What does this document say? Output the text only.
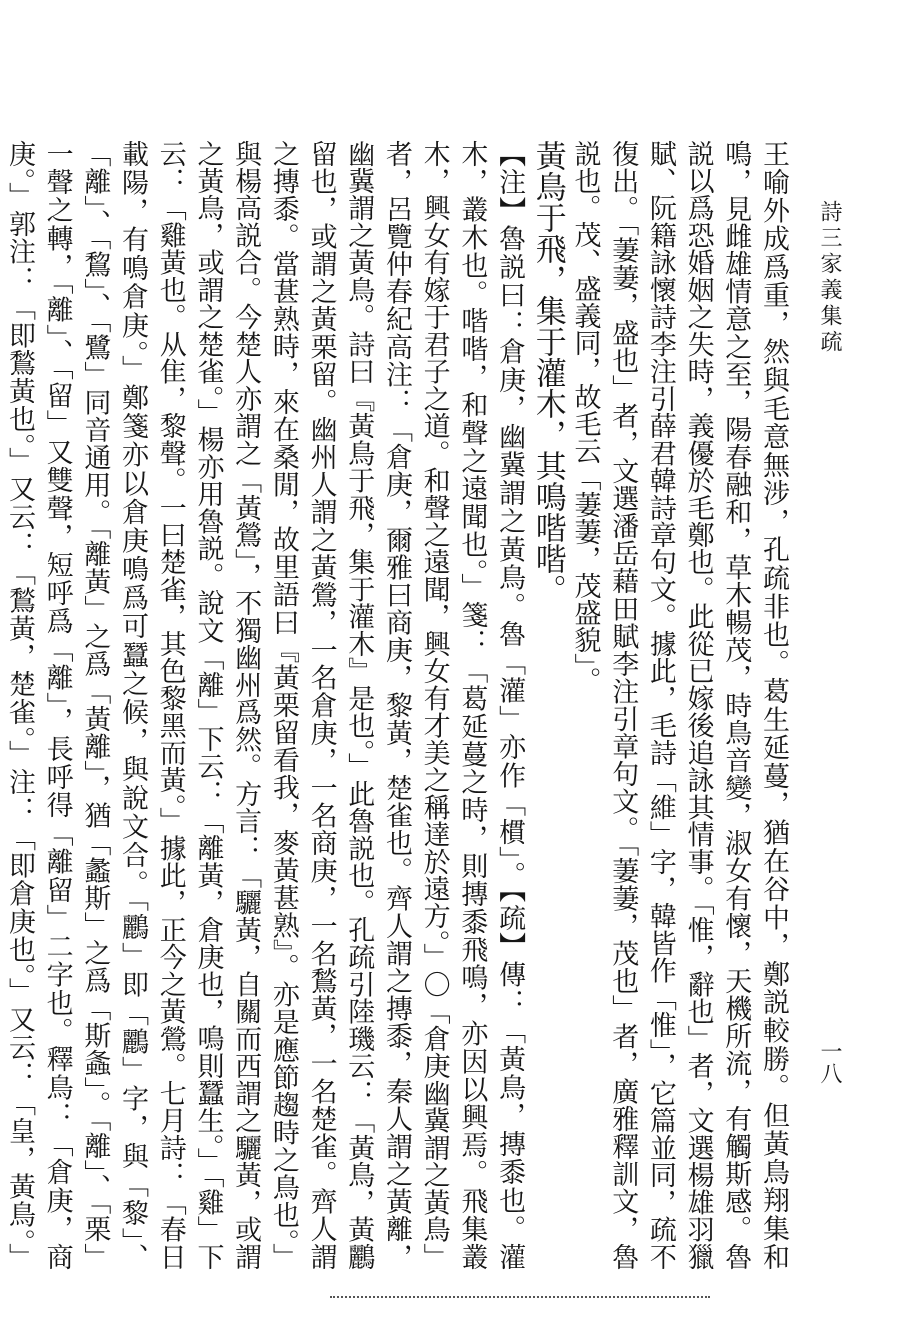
詩三家義集疏
一八

王喻外成爲重，然與毛意無涉，孔疏非也。葛生延蔓，猶在谷中，鄭説較勝。但黃鳥翔集和鳴，見雌雄情意之至，陽春融和，草木暢茂，時鳥音變，淑女有懷，天機所流，有觸斯感。魯説以爲恐婚姻之失時，義優於毛鄭也。此從已嫁後追詠其情事。「惟，辭也」者，文選楊雄羽獵賦、阮籍詠懷詩李注引薛君韓詩章句文。據此，毛詩「維」字，韓皆作「惟」，它篇並同，疏不復出。「萋萋，盛也」者，文選潘岳藉田賦李注引章句文。「萋萋，茂也」者，廣雅釋訓文，魯説也。茂、盛義同，故毛云「萋萋，茂盛貌」。

黃鳥于飛，集于灌木，其鳴喈喈。

【注】魯説曰：倉庚，幽冀謂之黃鳥。魯「灌」亦作「樌」。【疏】傳：「黃鳥，摶黍也。灌木，叢木也。喈喈，和聲之遠聞也。」箋：「葛延蔓之時，則摶黍飛鳴，亦因以興焉。飛集叢木，興女有嫁于君子之道。和聲之遠聞，興女有才美之稱達於遠方。」〇「倉庚幽冀謂之黃鳥」者，呂覽仲春紀高注：「倉庚，爾雅曰商庚，黎黃，楚雀也。齊人謂之摶黍，秦人謂之黃離，幽冀謂之黃鳥。詩曰『黃鳥于飛，集于灌木』是也。」此魯説也。孔疏引陸璣云：「黃鳥，黃鸝留也，或謂之黃栗留。幽州人謂之黃鶯，一名倉庚，一名商庚，一名鶖黃，一名楚雀。齊人謂之摶黍。當葚熟時，來在桑閒，故里語曰『黃栗留看我，麥黃葚熟』。亦是應節趨時之鳥也。」與楊高説合。今楚人亦謂之「黃鶯」，不獨幽州爲然。方言：「驪黃，自關而西謂之驪黃，或謂之黃鳥，或謂之楚雀。」楊亦用魯説。說文「離」下云：「離黃，倉庚也，鳴則蠶生。」「雞」下云：「雞黃也。从隹，黎聲。一曰楚雀，其色黎黑而黃。」據此，正今之黃鶯。七月詩：「春日載陽，有鳴倉庚。」鄭箋亦以倉庚鳴爲可蠶之候，與說文合。「鸝」即「鸝」字，與「黎」、「離」、「鵹」、「鷺」同音通用。「離黃」之爲「黃離」，猶「蠡斯」之爲「斯螽」。「離」、「栗」一聲之轉，「離」、「留」又雙聲，短呼爲「離」，長呼得「離留」二字也。釋鳥：「倉庚，商庚。」郭注：「即鶖黃也。」又云：「鶖黃，楚雀。」注：「即倉庚也。」又云：「皇，黃鳥。」
